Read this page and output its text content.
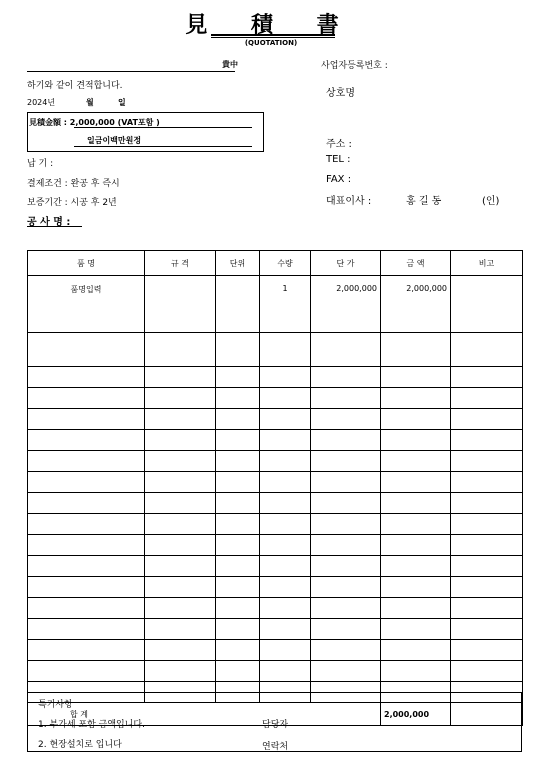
見 積 書
(QUOTATION)
貴中
하기와 같이 견적합니다.
2024년	월	일
見積金額 : 2,000,000 (VAT포함 )
일금이백만원정
납 기 :
결제조건 : 완공 후 즉시
보증기간 : 시공 후 2년
공 사 명 :
사업자등록번호 :
상호명
주소 :
TEL :
FAX :
대표이사 :	홍 길 동	(인)
품 명	규 격	단위	수량	단 가	금 액	비고
품명입력			1	2,000,000	2,000,000	

합 계					2,000,000	
특기사항
1. 부가세 포함 금액입니다.
2. 현장설치로 입니다
담당자
연락처
